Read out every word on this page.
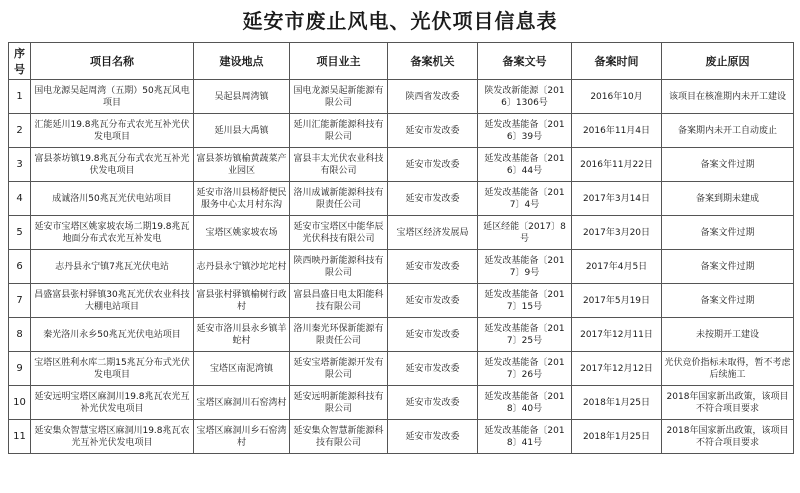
延安市废止风电、光伏项目信息表
序号	项目名称	建设地点	项目业主	备案机关	备案文号	备案时间	废止原因
1	国电龙源吴起周湾（五期）50兆瓦风电项目	吴起县周湾镇	国电龙源吴起新能源有限公司	陕西省发改委	陕发改新能源〔2016〕1306号	2016年10月	该项目在核准期内未开工建设
2	汇能延川19.8兆瓦分布式农光互补光伏发电项目	延川县大禹镇	延川汇能新能源科技有限公司	延安市发改委	延发改基能备〔2016〕39号	2016年11月4日	备案期内未开工自动废止
3	富县茶坊镇19.8兆瓦分布式农光互补光伏发电项目	富县茶坊镇榆黄蔬菜产业园区	富县丰太光伏农业科技有限公司	延安市发改委	延发改基能备〔2016〕44号	2016年11月22日	备案文件过期
4	成诚洛川50兆瓦光伏电站项目	延安市洛川县杨舒便民服务中心太月村东沟	洛川成诚新能源科技有限责任公司	延安市发改委	延发改基能备〔2017〕4号	2017年3月14日	备案到期未建成
5	延安市宝塔区姚家坡农场二期19.8兆瓦地面分布式农光互补发电	宝塔区姚家坡农场	延安市宝塔区中能华辰光伏科技有限公司	宝塔区经济发展局	延区经能〔2017〕8号	2017年3月20日	备案文件过期
6	志丹县永宁镇7兆瓦光伏电站	志丹县永宁镇沙坨坨村	陕西映丹新能源科技有限公司	延安市发改委	延发改基能备〔2017〕9号	2017年4月5日	备案文件过期
7	昌盛富县张村驿镇30兆瓦光伏农业科技大棚电站项目	富县张村驿镇榆树行政村	富县昌盛日电太阳能科技有限公司	延安市发改委	延发改基能备〔2017〕15号	2017年5月19日	备案文件过期
8	秦光洛川永乡50兆瓦光伏电站项目	延安市洛川县永乡镇羊蛇村	洛川秦光环保新能源有限责任公司	延安市发改委	延发改基能备〔2017〕25号	2017年12月11日	未按期开工建设
9	宝塔区胜利水库二期15兆瓦分布式光伏发电项目	宝塔区南泥湾镇	延安宝塔新能源开发有限公司	延安市发改委	延发改基能备〔2017〕26号	2017年12月12日	光伏竞价指标未取得，暂不考虑后续施工
10	延安远明宝塔区麻洞川19.8兆瓦农光互补光伏发电项目	宝塔区麻洞川石窑湾村	延安远明新能源科技有限公司	延安市发改委	延发改基能备〔2018〕40号	2018年1月25日	2018年国家新出政策，该项目不符合项目要求
11	延安集众智慧宝塔区麻洞川19.8兆瓦农光互补光伏发电项目	宝塔区麻洞川乡石窑湾村	延安集众智慧新能源科技有限公司	延安市发改委	延发改基能备〔2018〕41号	2018年1月25日	2018年国家新出政策，该项目不符合项目要求
